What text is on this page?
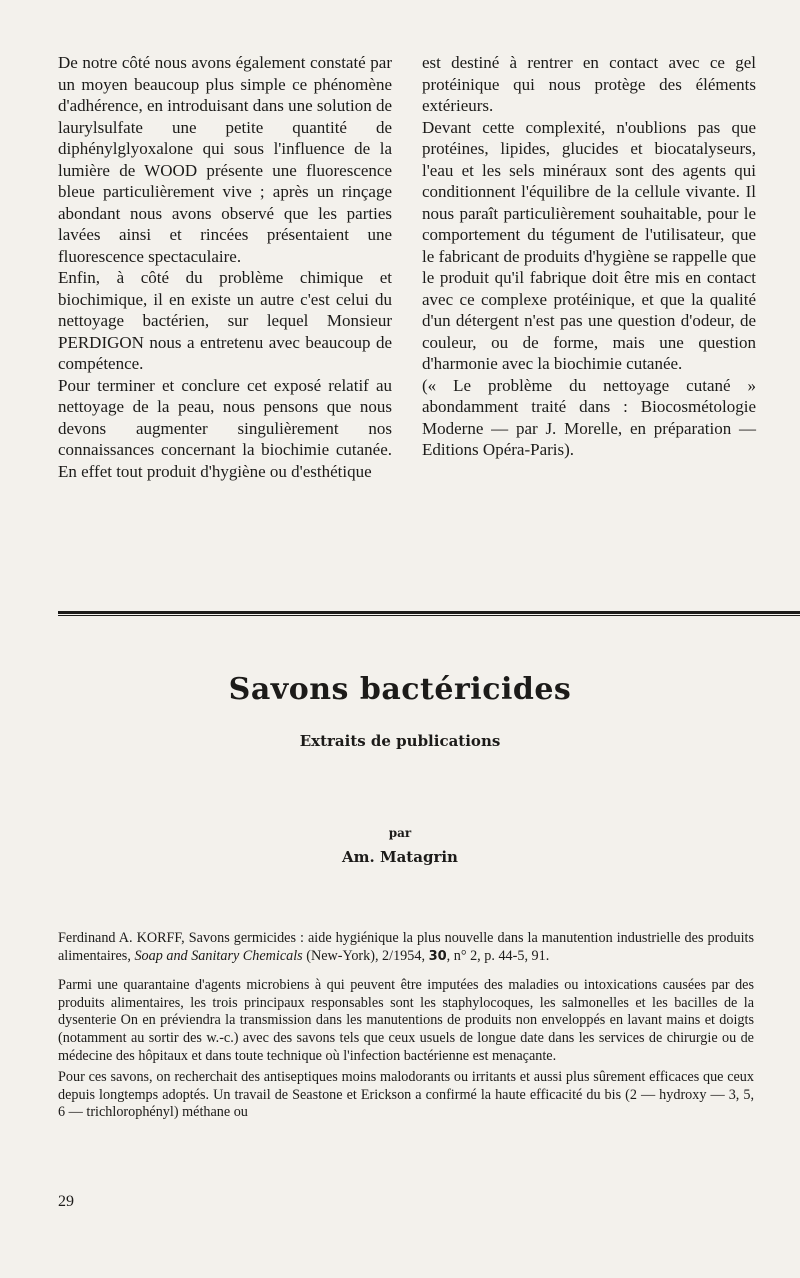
De notre côté nous avons également constaté par un moyen beaucoup plus simple ce phénomène d'adhérence, en introduisant dans une solution de laurylsulfate une petite quantité de diphénylglyoxalone qui sous l'influence de la lumière de WOOD présente une fluorescence bleue particulièrement vive ; après un rinçage abondant nous avons observé que les parties lavées ainsi et rincées présentaient une fluorescence spectaculaire.

Enfin, à côté du problème chimique et biochimique, il en existe un autre c'est celui du nettoyage bactérien, sur lequel Monsieur PERDIGON nous a entretenu avec beaucoup de compétence.

Pour terminer et conclure cet exposé relatif au nettoyage de la peau, nous pensons que nous devons augmenter singulièrement nos connaissances concernant la biochimie cutanée. En effet tout produit d'hygiène ou d'esthétique

est destiné à rentrer en contact avec ce gel protéinique qui nous protège des éléments extérieurs.

Devant cette complexité, n'oublions pas que protéines, lipides, glucides et biocatalyseurs, l'eau et les sels minéraux sont des agents qui conditionnent l'équilibre de la cellule vivante. Il nous paraît particulièrement souhaitable, pour le comportement du tégument de l'utilisateur, que le fabricant de produits d'hygiène se rappelle que le produit qu'il fabrique doit être mis en contact avec ce complexe protéinique, et que la qualité d'un détergent n'est pas une question d'odeur, de couleur, ou de forme, mais une question d'harmonie avec la biochimie cutanée.

(« Le problème du nettoyage cutané » abondamment traité dans : Biocosmétologie Moderne — par J. Morelle, en préparation — Editions Opéra-Paris).

Savons bactéricides
Extraits de publications
par
Am. Matagrin

Ferdinand A. KORFF, Savons germicides : aide hygiénique la plus nouvelle dans la manutention industrielle des produits alimentaires, Soap and Sanitary Chemicals (New-York), 2/1954, 30, n° 2, p. 44-5, 91.

Parmi une quarantaine d'agents microbiens à qui peuvent être imputées des maladies ou intoxications causées par des produits alimentaires, les trois principaux responsables sont les staphylocoques, les salmonelles et les bacilles de la dysenterie On en préviendra la transmission dans les manutentions de produits non enveloppés en lavant mains et doigts (notamment au sortir des w.-c.) avec des savons tels que ceux usuels de longue date dans les services de chirurgie ou de médecine des hôpitaux et dans toute technique où l'infection bactérienne est menaçante.

Pour ces savons, on recherchait des antiseptiques moins malodorants ou irritants et aussi plus sûrement efficaces que ceux depuis longtemps adoptés. Un travail de Seastone et Erickson a confirmé la haute efficacité du bis (2 — hydroxy — 3, 5, 6 — trichlorophényl) méthane ou

29
